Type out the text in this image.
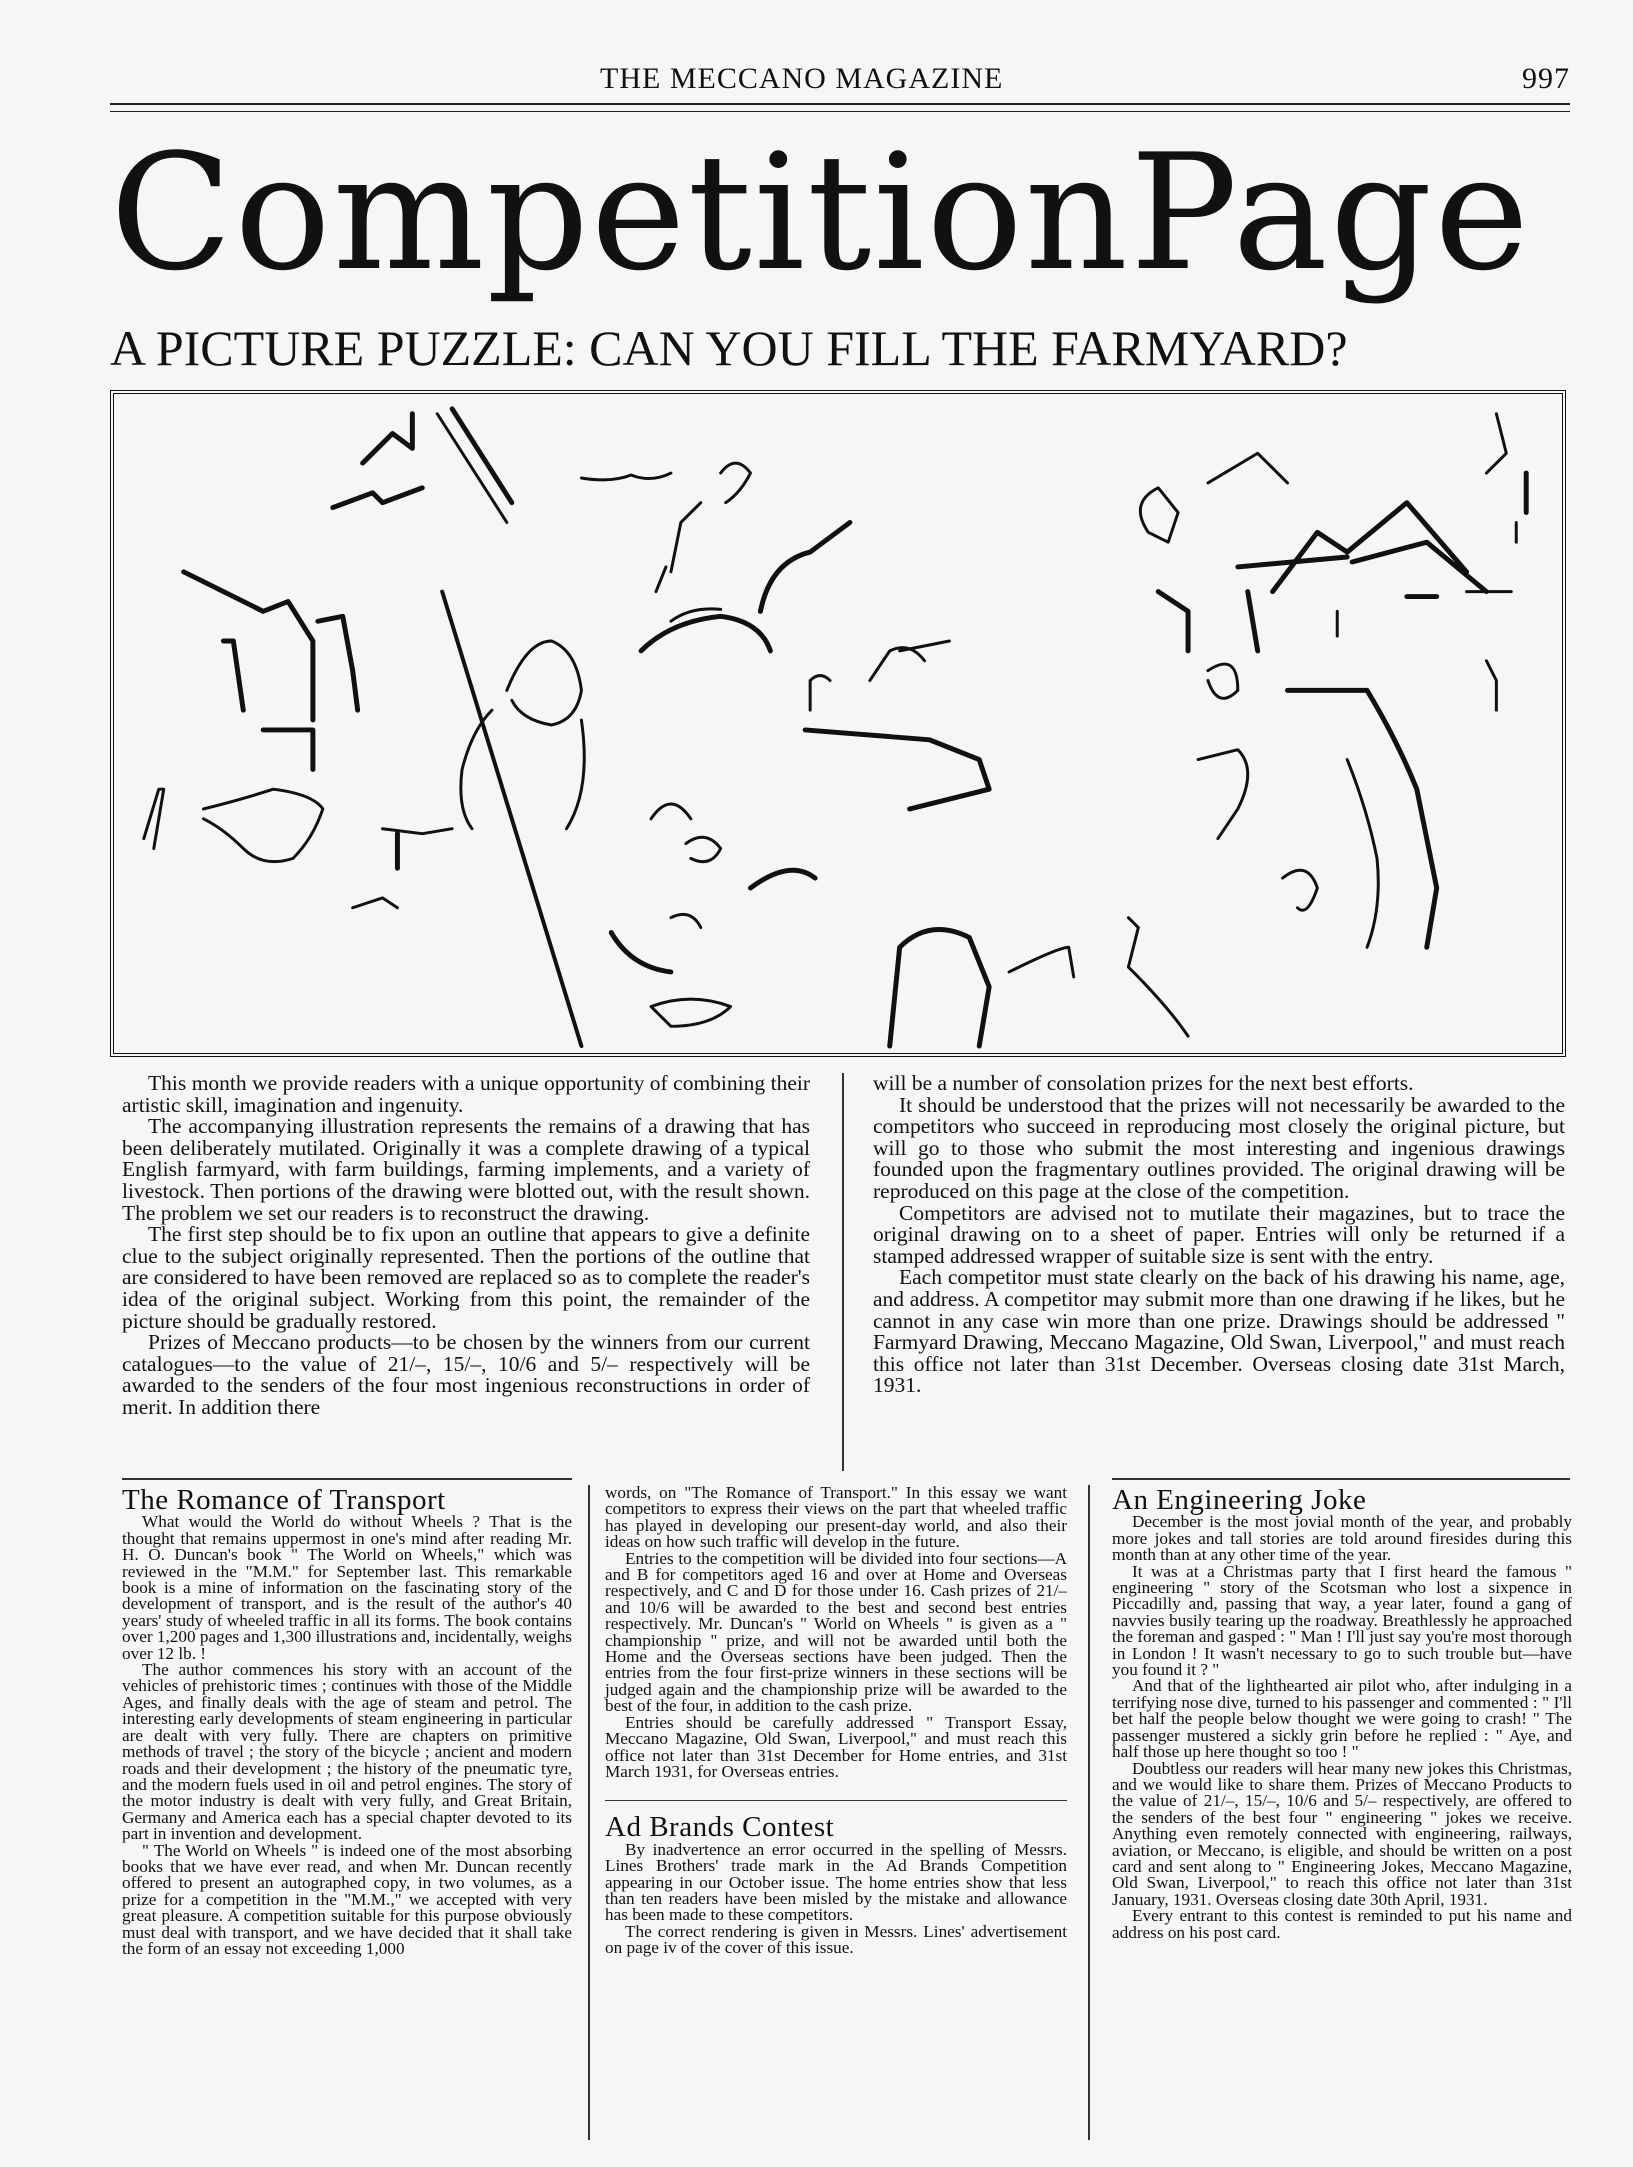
THE MECCANO MAGAZINE	997
Competition Page
A PICTURE PUZZLE: CAN YOU FILL THE FARMYARD?

This month we provide readers with a unique opportunity of combining their artistic skill, imagination and ingenuity.

The accompanying illustration represents the remains of a drawing that has been deliberately mutilated. Originally it was a complete drawing of a typical English farmyard, with farm buildings, farming implements, and a variety of livestock. Then portions of the drawing were blotted out, with the result shown. The problem we set our readers is to reconstruct the drawing.

The first step should be to fix upon an outline that appears to give a definite clue to the subject originally represented. Then the portions of the outline that are considered to have been removed are replaced so as to complete the reader's idea of the original subject. Working from this point, the remainder of the picture should be gradually restored.

Prizes of Meccano products—to be chosen by the winners from our current catalogues—to the value of 21/–, 15/–, 10/6 and 5/– respectively will be awarded to the senders of the four most ingenious reconstructions in order of merit. In addition there

will be a number of consolation prizes for the next best efforts.

It should be understood that the prizes will not necessarily be awarded to the competitors who succeed in reproducing most closely the original picture, but will go to those who submit the most interesting and ingenious drawings founded upon the fragmentary outlines provided. The original drawing will be reproduced on this page at the close of the competition.

Competitors are advised not to mutilate their magazines, but to trace the original drawing on to a sheet of paper. Entries will only be returned if a stamped addressed wrapper of suitable size is sent with the entry.

Each competitor must state clearly on the back of his drawing his name, age, and address. A competitor may submit more than one drawing if he likes, but he cannot in any case win more than one prize. Drawings should be addressed " Farmyard Drawing, Meccano Magazine, Old Swan, Liverpool," and must reach this office not later than 31st December. Overseas closing date 31st March, 1931.

The Romance of Transport

What would the World do without Wheels ? That is the thought that remains uppermost in one's mind after reading Mr. H. O. Duncan's book " The World on Wheels," which was reviewed in the "M.M." for September last. This remarkable book is a mine of information on the fascinating story of the development of transport, and is the result of the author's 40 years' study of wheeled traffic in all its forms. The book contains over 1,200 pages and 1,300 illustrations and, incidentally, weighs over 12 lb. !

The author commences his story with an account of the vehicles of prehistoric times ; continues with those of the Middle Ages, and finally deals with the age of steam and petrol. The interesting early developments of steam engineering in particular are dealt with very fully. There are chapters on primitive methods of travel ; the story of the bicycle ; ancient and modern roads and their development ; the history of the pneumatic tyre, and the modern fuels used in oil and petrol engines. The story of the motor industry is dealt with very fully, and Great Britain, Germany and America each has a special chapter devoted to its part in invention and development.

" The World on Wheels " is indeed one of the most absorbing books that we have ever read, and when Mr. Duncan recently offered to present an autographed copy, in two volumes, as a prize for a competition in the "M.M.," we accepted with very great pleasure. A competition suitable for this purpose obviously must deal with transport, and we have decided that it shall take the form of an essay not exceeding 1,000

words, on "The Romance of Transport." In this essay we want competitors to express their views on the part that wheeled traffic has played in developing our present-day world, and also their ideas on how such traffic will develop in the future.

Entries to the competition will be divided into four sections—A and B for competitors aged 16 and over at Home and Overseas respectively, and C and D for those under 16. Cash prizes of 21/– and 10/6 will be awarded to the best and second best entries respectively. Mr. Duncan's " World on Wheels " is given as a " championship " prize, and will not be awarded until both the Home and the Overseas sections have been judged. Then the entries from the four first-prize winners in these sections will be judged again and the championship prize will be awarded to the best of the four, in addition to the cash prize.

Entries should be carefully addressed " Transport Essay, Meccano Magazine, Old Swan, Liverpool," and must reach this office not later than 31st December for Home entries, and 31st March 1931, for Overseas entries.

Ad Brands Contest

By inadvertence an error occurred in the spelling of Messrs. Lines Brothers' trade mark in the Ad Brands Competition appearing in our October issue. The home entries show that less than ten readers have been misled by the mistake and allowance has been made to these competitors.

The correct rendering is given in Messrs. Lines' advertisement on page iv of the cover of this issue.

An Engineering Joke

December is the most jovial month of the year, and probably more jokes and tall stories are told around firesides during this month than at any other time of the year.

It was at a Christmas party that I first heard the famous " engineering " story of the Scotsman who lost a sixpence in Piccadilly and, passing that way, a year later, found a gang of navvies busily tearing up the roadway. Breathlessly he approached the foreman and gasped : " Man ! I'll just say you're most thorough in London ! It wasn't necessary to go to such trouble but—have you found it ? "

And that of the lighthearted air pilot who, after indulging in a terrifying nose dive, turned to his passenger and commented : " I'll bet half the people below thought we were going to crash! " The passenger mustered a sickly grin before he replied : " Aye, and half those up here thought so too ! "

Doubtless our readers will hear many new jokes this Christmas, and we would like to share them. Prizes of Meccano Products to the value of 21/–, 15/–, 10/6 and 5/– respectively, are offered to the senders of the best four " engineering " jokes we receive. Anything even remotely connected with engineering, railways, aviation, or Meccano, is eligible, and should be written on a post card and sent along to " Engineering Jokes, Meccano Magazine, Old Swan, Liverpool," to reach this office not later than 31st January, 1931. Overseas closing date 30th April, 1931.

Every entrant to this contest is reminded to put his name and address on his post card.
